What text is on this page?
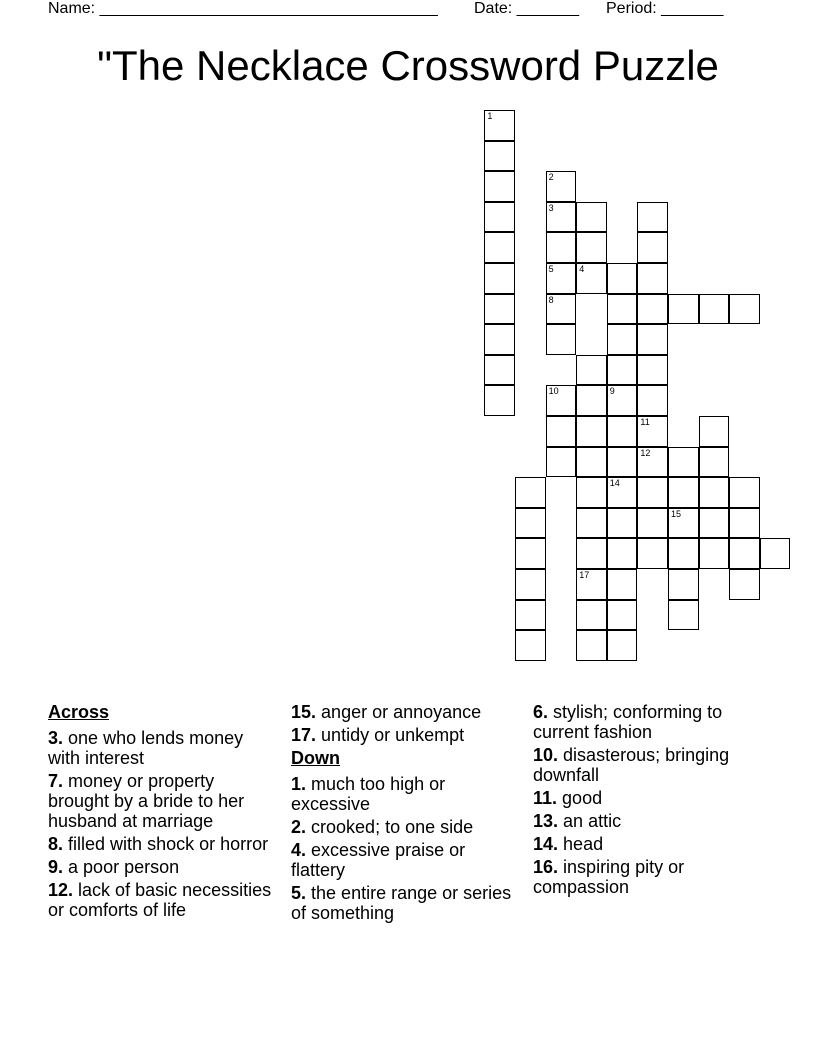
Name: ______________________________________ Date: _______ Period: _______
"The Necklace Crossword Puzzle
1
2
3
5
8
4
10
17
9
14
11
12
15
Across
3. one who lends money with interest
7. money or property brought by a bride to her husband at marriage
8. filled with shock or horror
9. a poor person
12. lack of basic necessities or comforts of life
15. anger or annoyance
17. untidy or unkempt
Down
1. much too high or excessive
2. crooked; to one side
4. excessive praise or flattery
5. the entire range or series of something
6. stylish; conforming to current fashion
10. disasterous; bringing downfall
11. good
13. an attic
14. head
16. inspiring pity or compassion
